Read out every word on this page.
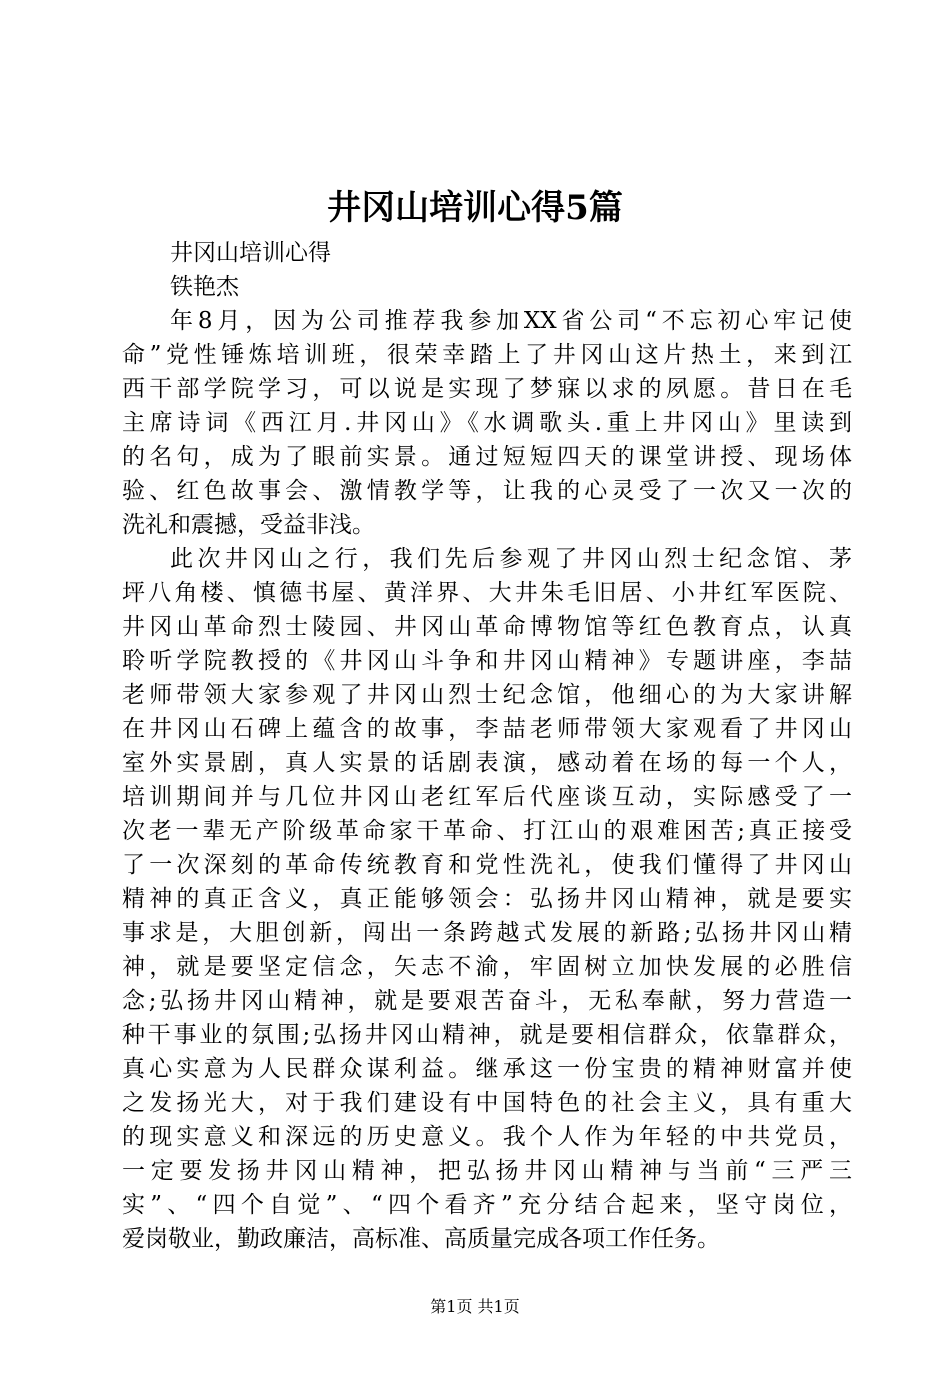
井冈山培训心得5篇
井冈山培训心得
铁艳杰
年8月，因为公司推荐我参加XX省公司“不忘初心牢记使
命”党性锤炼培训班，很荣幸踏上了井冈山这片热土，来到江
西干部学院学习，可以说是实现了梦寐以求的夙愿。昔日在毛
主席诗词《西江月.井冈山》《水调歌头.重上井冈山》里读到
的名句，成为了眼前实景。通过短短四天的课堂讲授、现场体
验、红色故事会、激情教学等，让我的心灵受了一次又一次的
洗礼和震撼，受益非浅。
此次井冈山之行，我们先后参观了井冈山烈士纪念馆、茅
坪八角楼、慎德书屋、黄洋界、大井朱毛旧居、小井红军医院、
井冈山革命烈士陵园、井冈山革命博物馆等红色教育点，认真
聆听学院教授的《井冈山斗争和井冈山精神》专题讲座，李喆
老师带领大家参观了井冈山烈士纪念馆，他细心的为大家讲解
在井冈山石碑上蕴含的故事，李喆老师带领大家观看了井冈山
室外实景剧，真人实景的话剧表演，感动着在场的每一个人，
培训期间并与几位井冈山老红军后代座谈互动，实际感受了一
次老一辈无产阶级革命家干革命、打江山的艰难困苦;真正接受
了一次深刻的革命传统教育和党性洗礼，使我们懂得了井冈山
精神的真正含义，真正能够领会：弘扬井冈山精神，就是要实
事求是，大胆创新，闯出一条跨越式发展的新路;弘扬井冈山精
神，就是要坚定信念，矢志不渝，牢固树立加快发展的必胜信
念;弘扬井冈山精神，就是要艰苦奋斗，无私奉献，努力营造一
种干事业的氛围;弘扬井冈山精神，就是要相信群众，依靠群众，
真心实意为人民群众谋利益。继承这一份宝贵的精神财富并使
之发扬光大，对于我们建设有中国特色的社会主义，具有重大
的现实意义和深远的历史意义。我个人作为年轻的中共党员，
一定要发扬井冈山精神，把弘扬井冈山精神与当前“三严三
实”、“四个自觉”、“四个看齐”充分结合起来，坚守岗位，
爱岗敬业，勤政廉洁，高标准、高质量完成各项工作任务。
第1页 共1页
